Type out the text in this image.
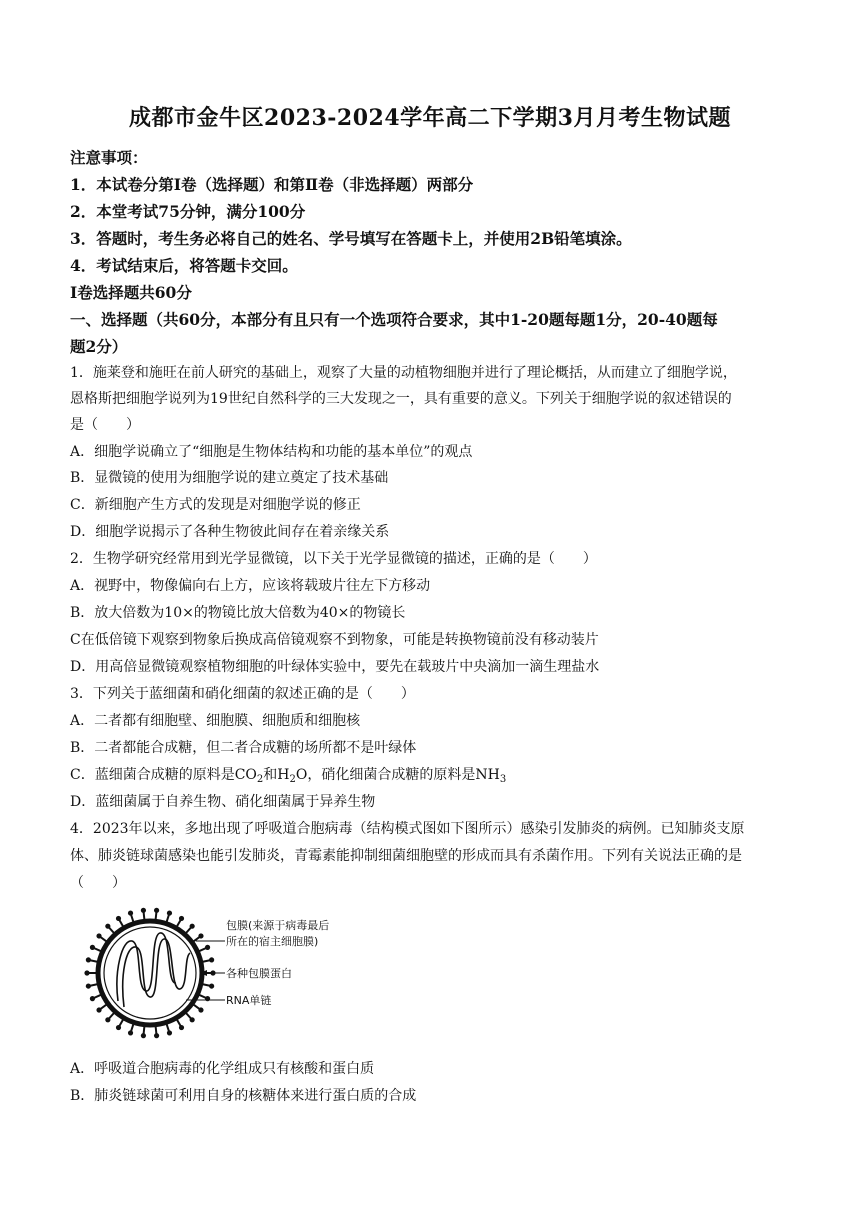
成都市金牛区2023-2024学年高二下学期3月月考生物试题
注意事项：
1．本试卷分第Ⅰ卷（选择题）和第Ⅱ卷（非选择题）两部分
2．本堂考试75分钟，满分100分
3．答题时，考生务必将自己的姓名、学号填写在答题卡上，并使用2B铅笔填涂。
4．考试结束后，将答题卡交回。
Ⅰ卷选择题共60分
一、选择题（共60分，本部分有且只有一个选项符合要求，其中1-20题每题1分，20-40题每
题2分）
1．施莱登和施旺在前人研究的基础上，观察了大量的动植物细胞并进行了理论概括，从而建立了细胞学说，
恩格斯把细胞学说列为19世纪自然科学的三大发现之一，具有重要的意义。下列关于细胞学说的叙述错误的
是（　　）
A．细胞学说确立了“细胞是生物体结构和功能的基本单位”的观点
B．显微镜的使用为细胞学说的建立奠定了技术基础
C．新细胞产生方式的发现是对细胞学说的修正
D．细胞学说揭示了各种生物彼此间存在着亲缘关系
2．生物学研究经常用到光学显微镜，以下关于光学显微镜的描述，正确的是（　　）
A．视野中，物像偏向右上方，应该将载玻片往左下方移动
B．放大倍数为10×的物镜比放大倍数为40×的物镜长
C在低倍镜下观察到物象后换成高倍镜观察不到物象，可能是转换物镜前没有移动装片
D．用高倍显微镜观察植物细胞的叶绿体实验中，要先在载玻片中央滴加一滴生理盐水
3．下列关于蓝细菌和硝化细菌的叙述正确的是（　　）
A．二者都有细胞壁、细胞膜、细胞质和细胞核
B．二者都能合成糖，但二者合成糖的场所都不是叶绿体
C．蓝细菌合成糖的原料是$CO_2$和$H_2O$，硝化细菌合成糖的原料是$NH_3$
D．蓝细菌属于自养生物、硝化细菌属于异养生物
4．2023年以来，多地出现了呼吸道合胞病毒（结构模式图如下图所示）感染引发肺炎的病例。已知肺炎支原
体、肺炎链球菌感染也能引发肺炎，青霉素能抑制细菌细胞壁的形成而具有杀菌作用。下列有关说法正确的是
（　　）
包膜(来源于病毒最后
所在的宿主细胞膜)
各种包膜蛋白
RNA单链
A．呼吸道合胞病毒的化学组成只有核酸和蛋白质
B．肺炎链球菌可利用自身的核糖体来进行蛋白质的合成
